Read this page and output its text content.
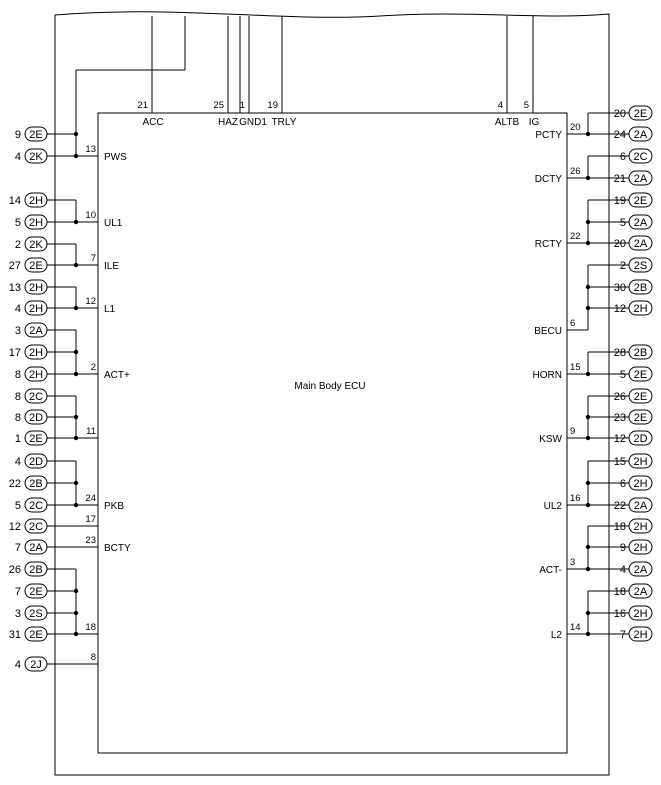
Main Body ECU
21
ACC
25
HAZ
1
GND1
19
TRLY
4
ALTB
5
IG
13
PWS
10
UL1
7
ILE
12
L1
2
ACT+
11
24
PKB
17
23
BCTY
18
8
20
PCTY
26
DCTY
22
RCTY
6
BECU
15
HORN
9
KSW
16
UL2
3
ACT-
14
L2
9 2E
4 2K
14 2H
5 2H
2 2K
27 2E
13 2H
4 2H
3 2A
17 2H
8 2H
8 2C
8 2D
1 2E
4 2D
22 2B
5 2C
12 2C
7 2A
26 2B
7 2E
3 2S
31 2E
4 2J
20 2E
24 2A
6 2C
21 2A
19 2E
5 2A
20 2A
2 2S
30 2B
12 2H
28 2B
5 2E
26 2E
23 2E
12 2D
15 2H
6 2H
22 2A
18 2H
9 2H
4 2A
18 2A
16 2H
7 2H
